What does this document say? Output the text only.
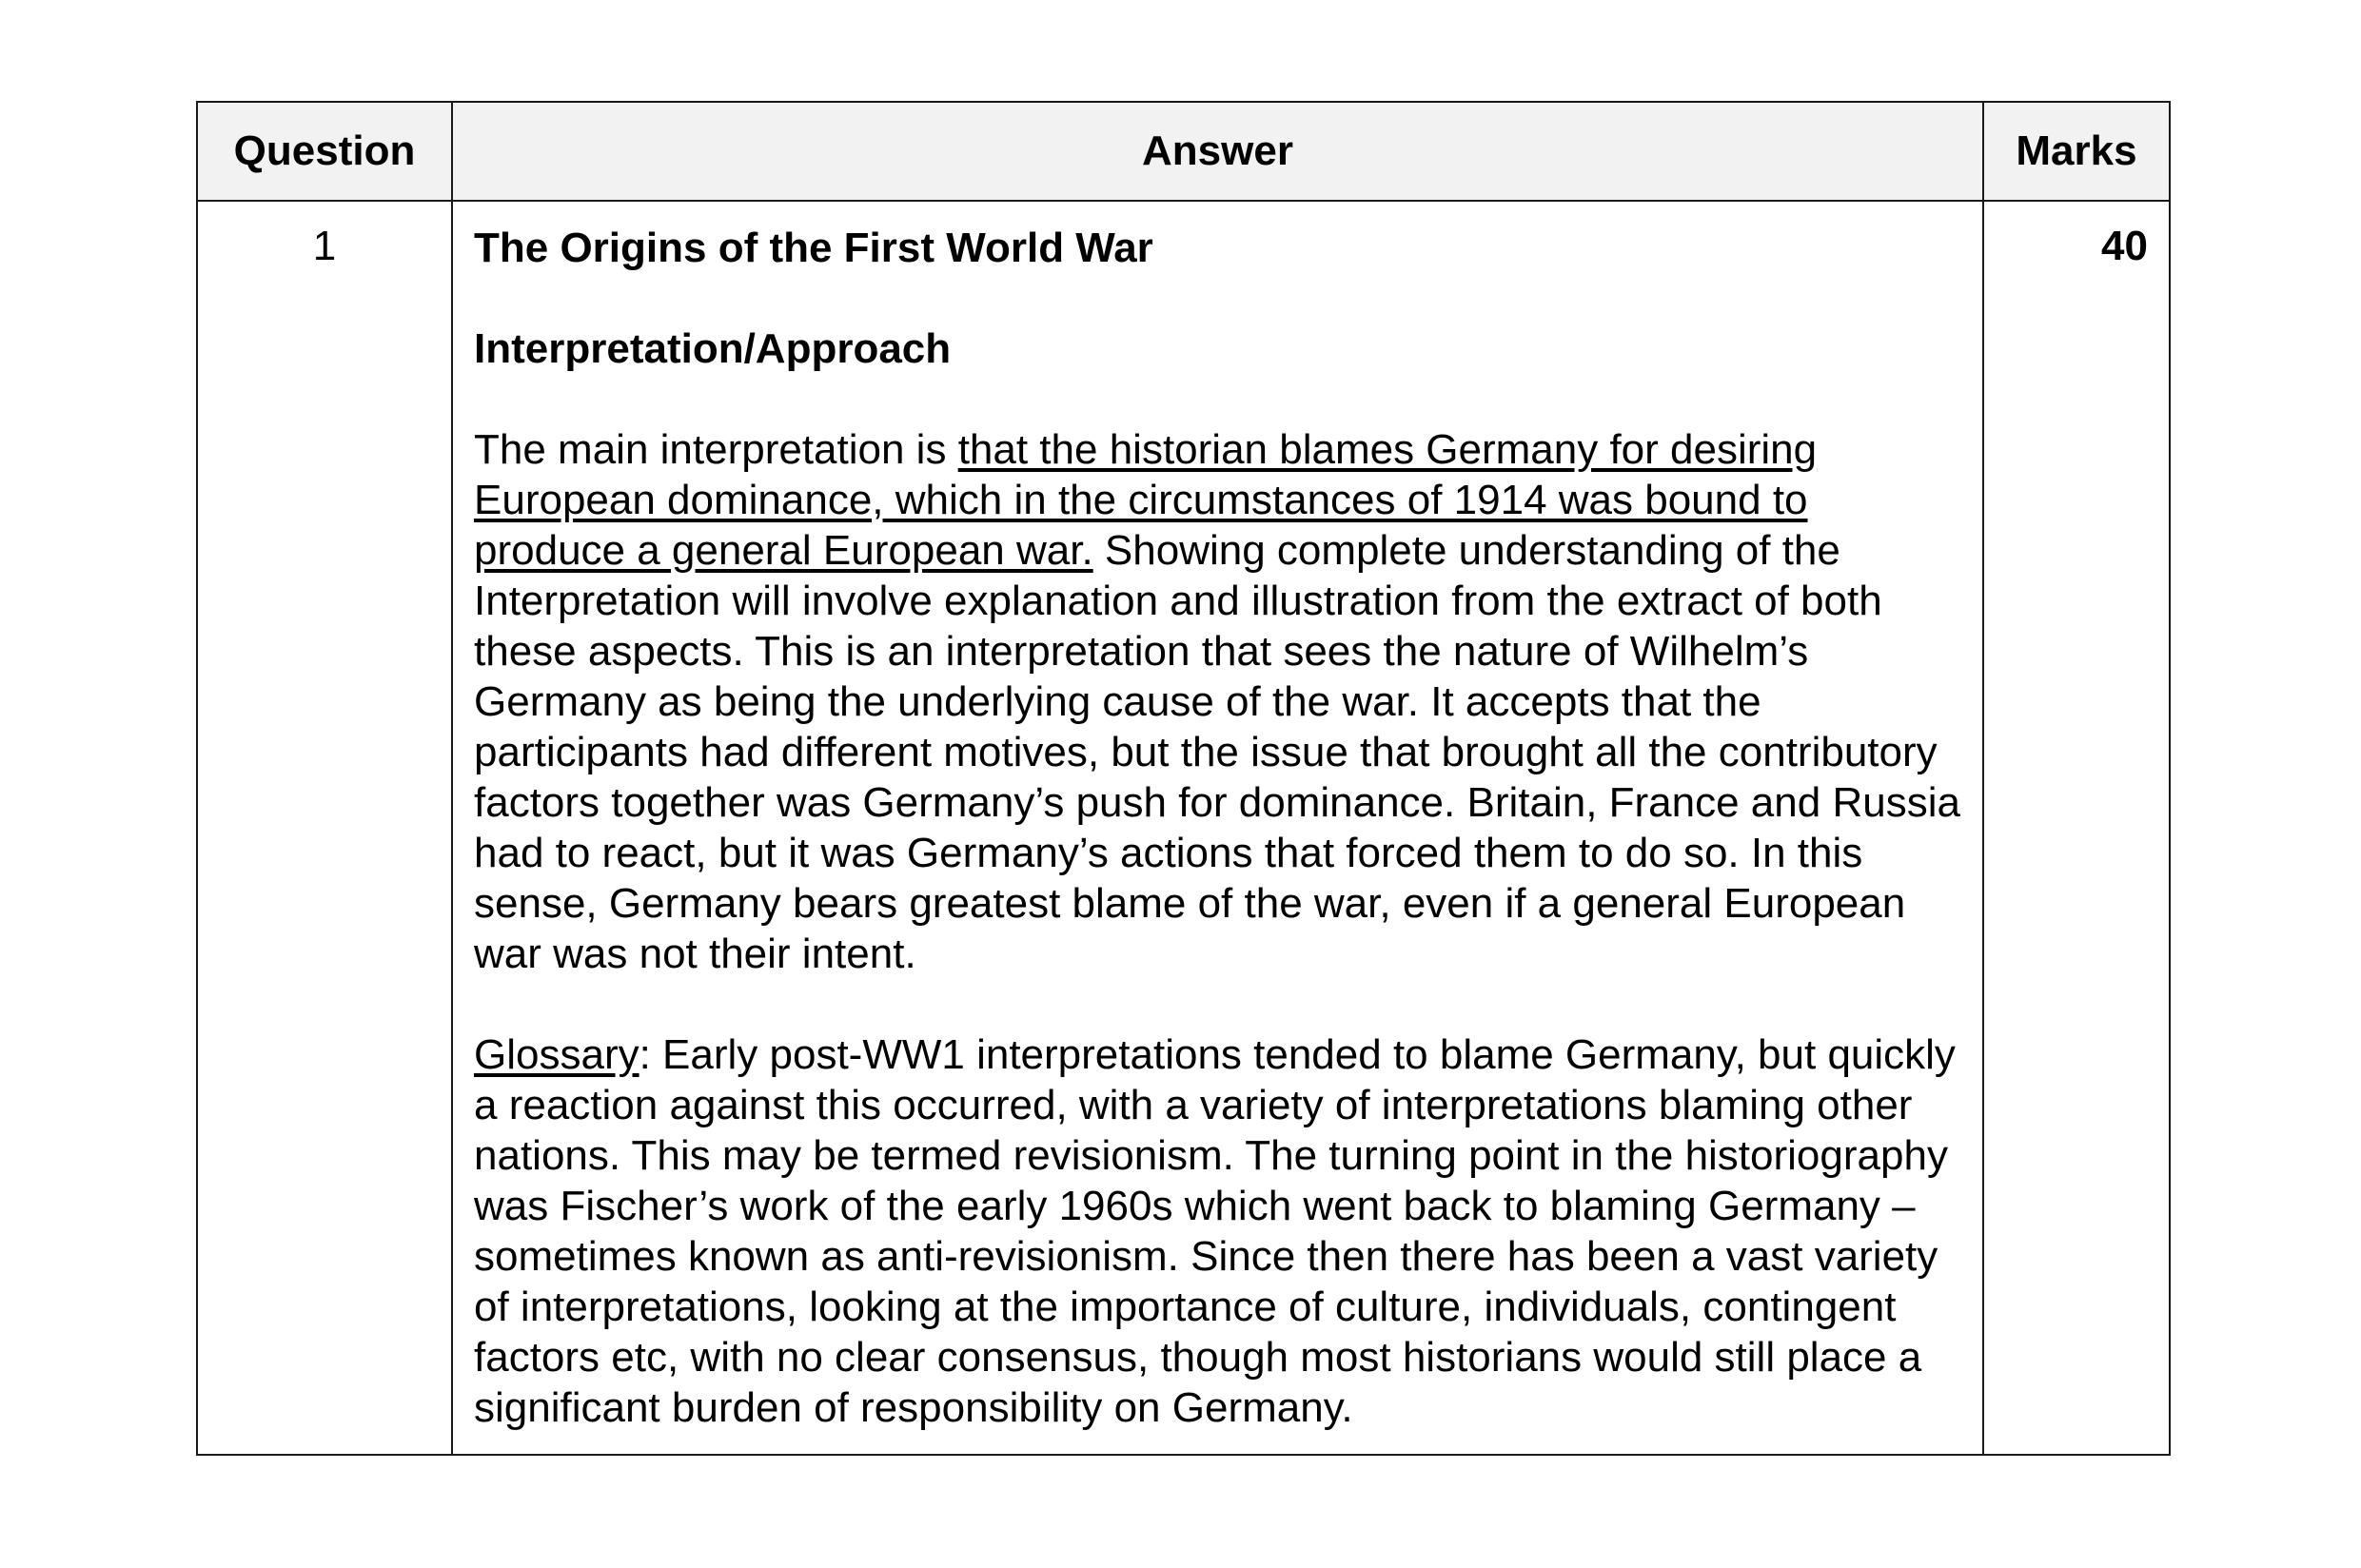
Question	Answer	Marks
1	The Origins of the First World War

Interpretation/Approach

The main interpretation is that the historian blames Germany for desiring European dominance, which in the circumstances of 1914 was bound to produce a general European war. Showing complete understanding of the Interpretation will involve explanation and illustration from the extract of both these aspects. This is an interpretation that sees the nature of Wilhelm’s Germany as being the underlying cause of the war. It accepts that the participants had different motives, but the issue that brought all the contributory factors together was Germany’s push for dominance. Britain, France and Russia had to react, but it was Germany’s actions that forced them to do so. In this sense, Germany bears greatest blame of the war, even if a general European war was not their intent.

Glossary: Early post-WW1 interpretations tended to blame Germany, but quickly a reaction against this occurred, with a variety of interpretations blaming other nations. This may be termed revisionism. The turning point in the historiography was Fischer’s work of the early 1960s which went back to blaming Germany – sometimes known as anti-revisionism. Since then there has been a vast variety of interpretations, looking at the importance of culture, individuals, contingent factors etc, with no clear consensus, though most historians would still place a significant burden of responsibility on Germany.	40
